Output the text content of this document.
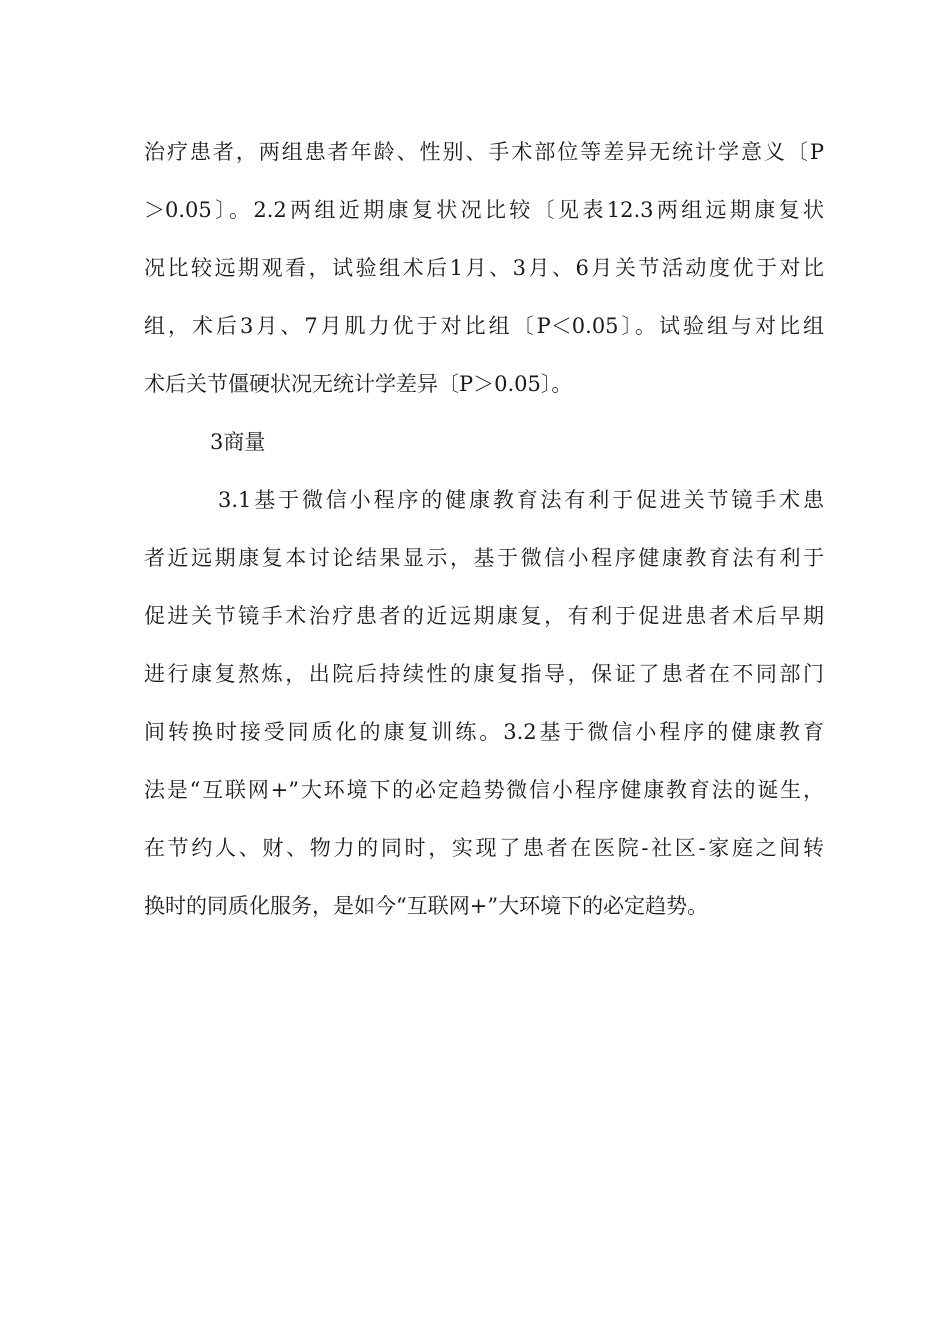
治疗患者，两组患者年龄、性别、手术部位等差异无统计学意义〔P
＞0.05〕。2.2两组近期康复状况比较〔见表12.3两组远期康复状
况比较远期观看，试验组术后1月、3月、6月关节活动度优于对比
组，术后3月、7月肌力优于对比组〔P＜0.05〕。试验组与对比组
术后关节僵硬状况无统计学差异〔P＞0.05〕。
3商量
3.1基于微信小程序的健康教育法有利于促进关节镜手术患
者近远期康复本讨论结果显示，基于微信小程序健康教育法有利于
促进关节镜手术治疗患者的近远期康复，有利于促进患者术后早期
进行康复熬炼，出院后持续性的康复指导，保证了患者在不同部门
间转换时接受同质化的康复训练。3.2基于微信小程序的健康教育
法是“互联网+”大环境下的必定趋势微信小程序健康教育法的诞生，
在节约人、财、物力的同时，实现了患者在医院-社区-家庭之间转
换时的同质化服务，是如今“互联网+”大环境下的必定趋势。
